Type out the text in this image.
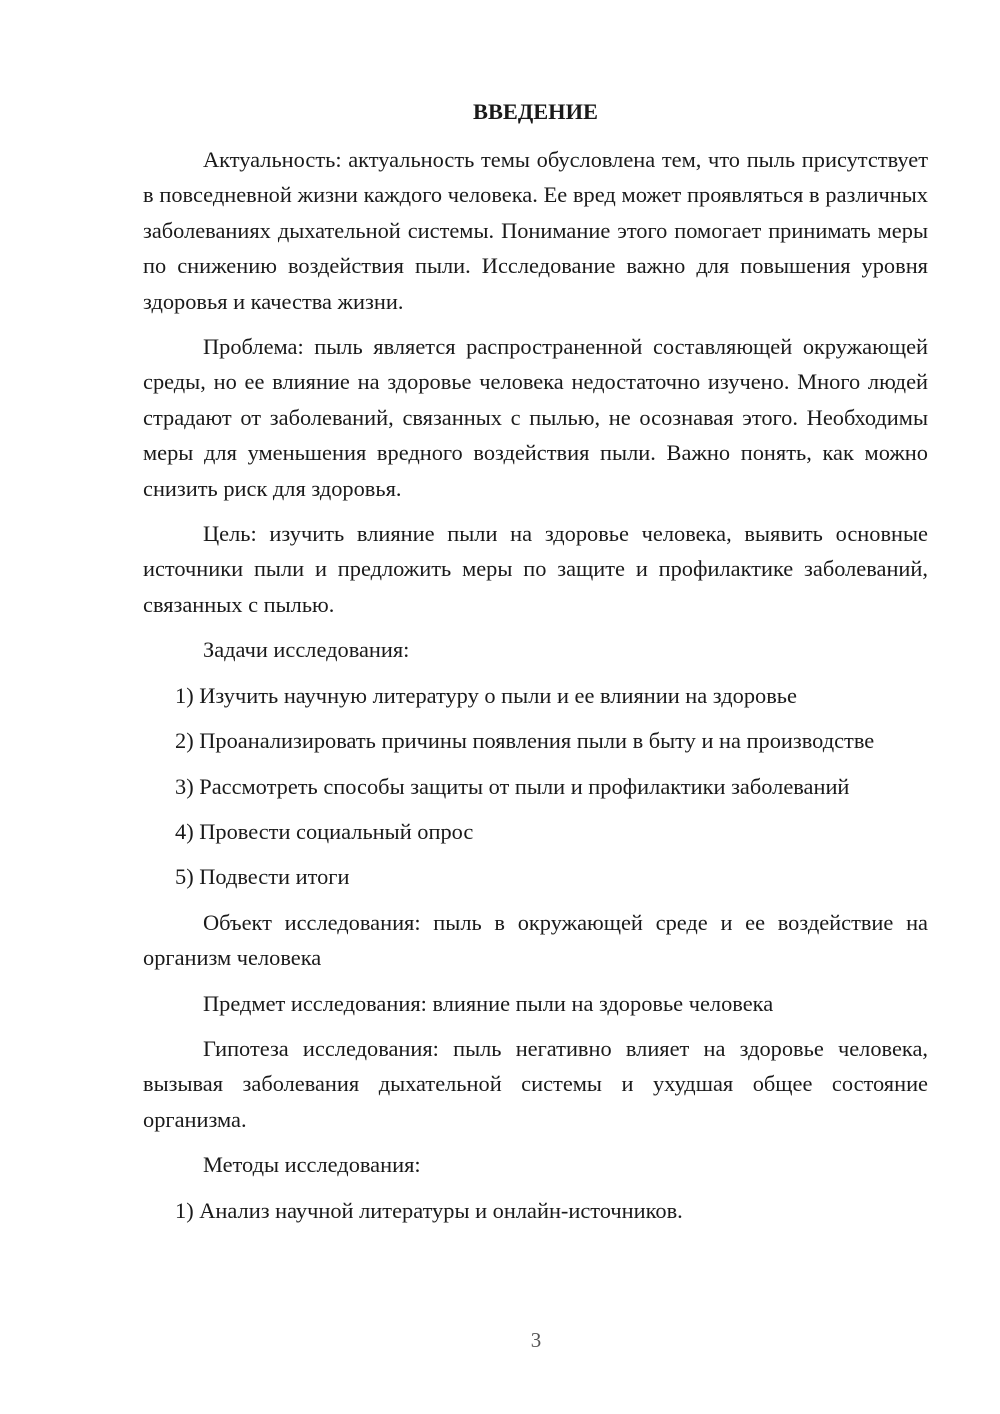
ВВЕДЕНИЕ

Актуальность: актуальность темы обусловлена тем, что пыль присутствует в повседневной жизни каждого человека. Ее вред может проявляться в различных заболеваниях дыхательной системы. Понимание этого помогает принимать меры по снижению воздействия пыли. Исследование важно для повышения уровня здоровья и качества жизни.

Проблема: пыль является распространенной составляющей окружающей среды, но ее влияние на здоровье человека недостаточно изучено. Много людей страдают от заболеваний, связанных с пылью, не осознавая этого. Необходимы меры для уменьшения вредного воздействия пыли. Важно понять, как можно снизить риск для здоровья.

Цель: изучить влияние пыли на здоровье человека, выявить основные источники пыли и предложить меры по защите и профилактике заболеваний, связанных с пылью.

Задачи исследования:

1) Изучить научную литературу о пыли и ее влиянии на здоровье

2) Проанализировать причины появления пыли в быту и на производстве

3) Рассмотреть способы защиты от пыли и профилактики заболеваний

4) Провести социальный опрос

5) Подвести итоги

Объект исследования: пыль в окружающей среде и ее воздействие на организм человека

Предмет исследования: влияние пыли на здоровье человека

Гипотеза исследования: пыль негативно влияет на здоровье человека, вызывая заболевания дыхательной системы и ухудшая общее состояние организма.

Методы исследования:

1) Анализ научной литературы и онлайн-источников.

3
